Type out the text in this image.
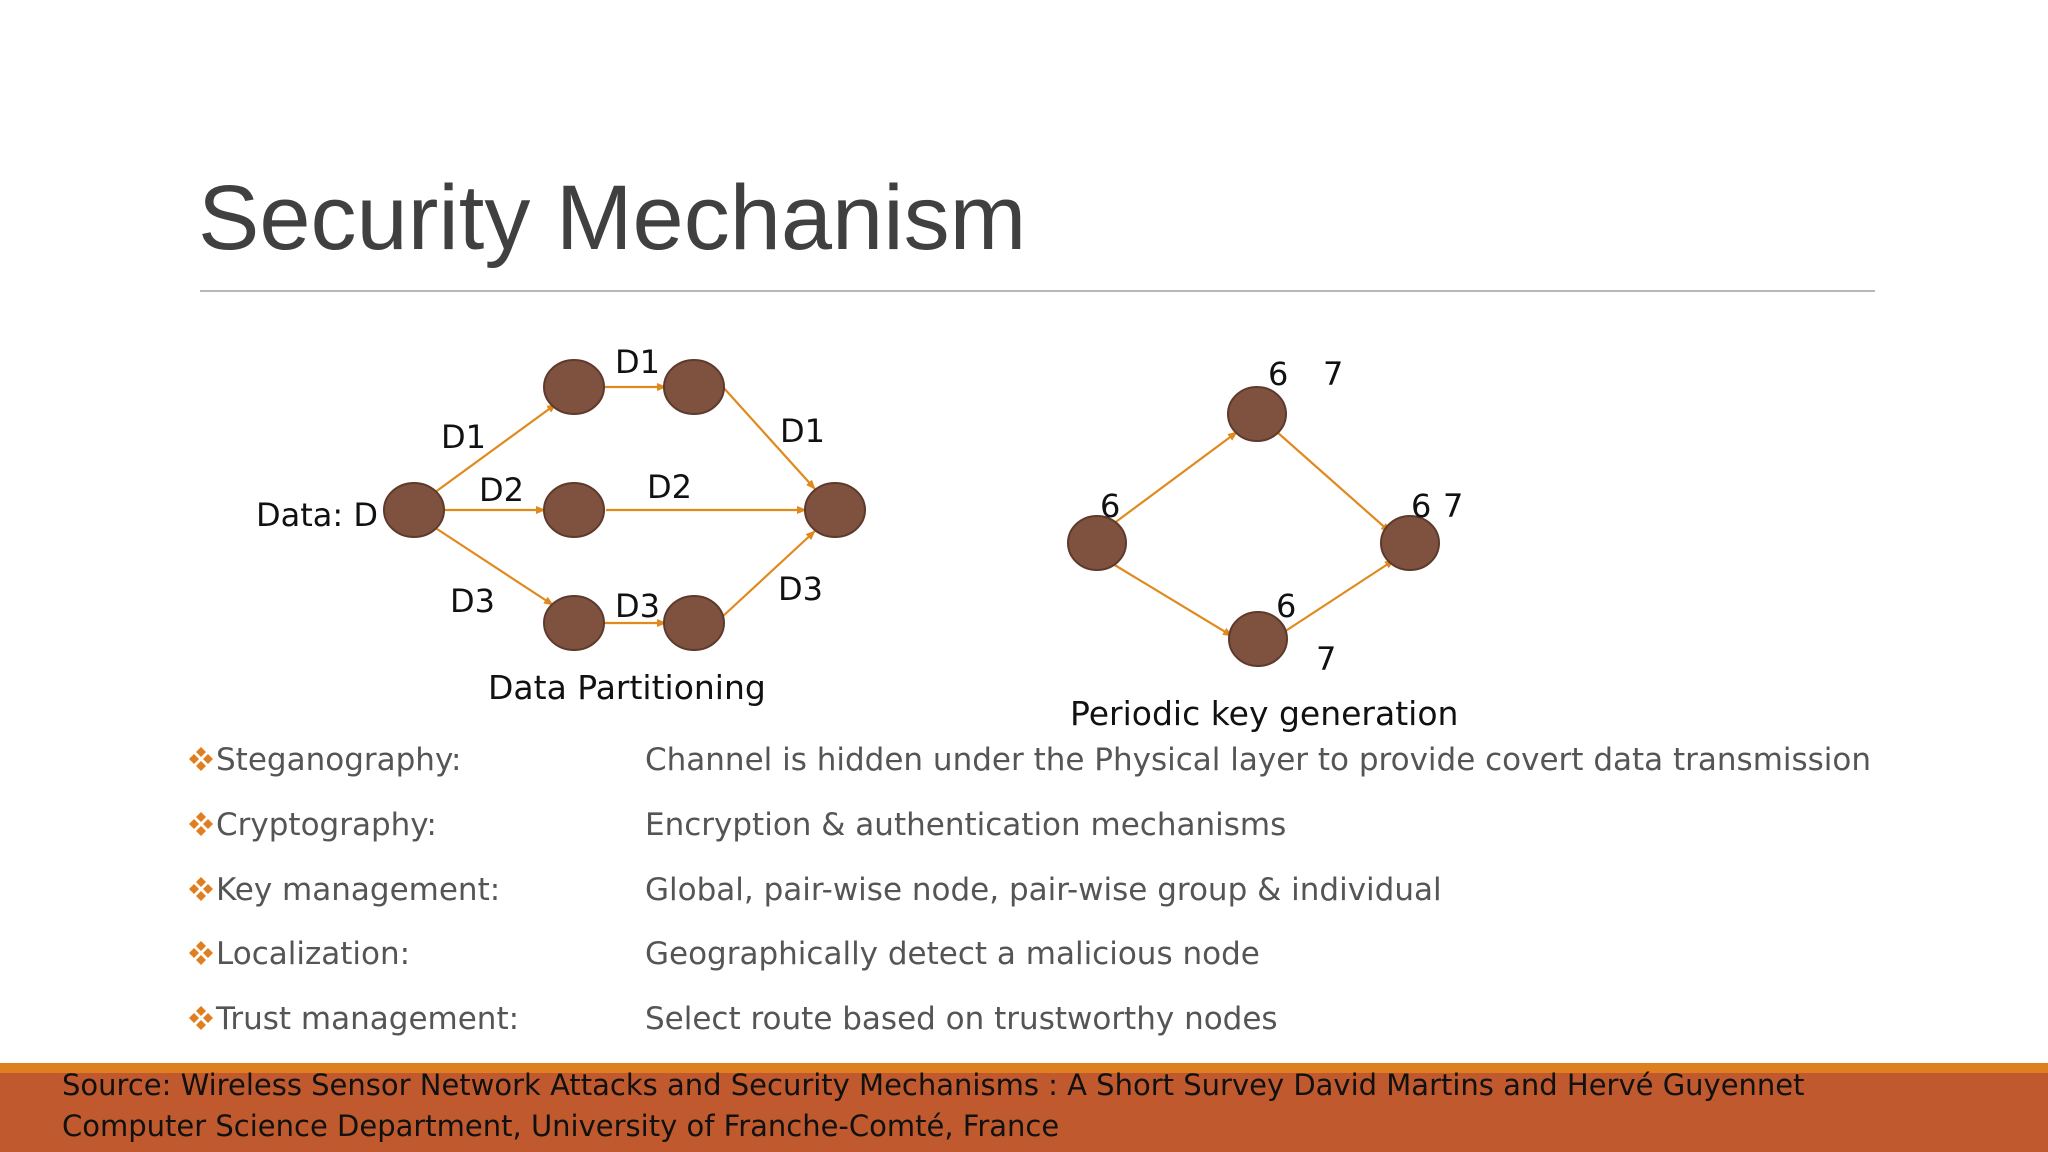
Security Mechanism
Data: D
D1
D1
D1
D2	D2
D3	D3	D3
Data Partitioning
6 7
6	6 7
6
7
Periodic key generation
Steganography:	Channel is hidden under the Physical layer to provide covert data transmission
Cryptography:	Encryption & authentication mechanisms
Key management:	Global, pair-wise node, pair-wise group & individual
Localization:	Geographically detect a malicious node
Trust management:	Select route based on trustworthy nodes
Source: Wireless Sensor Network Attacks and Security Mechanisms : A Short Survey David Martins and Hervé Guyennet
Computer Science Department, University of Franche-Comté, France
